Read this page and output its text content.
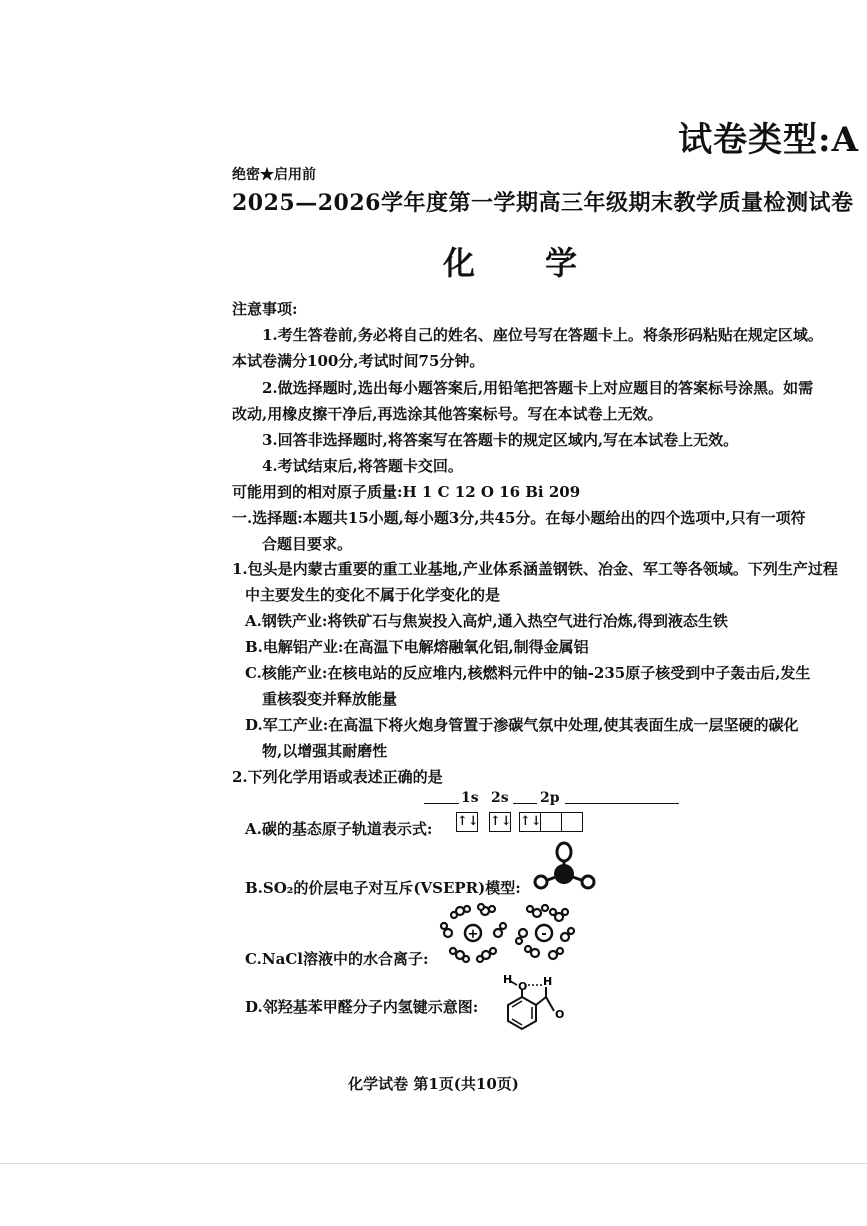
试卷类型:A
绝密★启用前
2025—2026学年度第一学期高三年级期末教学质量检测试卷
化学
注意事项:
1.考生答卷前,务必将自己的姓名、座位号写在答题卡上。将条形码粘贴在规定区域。
本试卷满分100分,考试时间75分钟。
2.做选择题时,选出每小题答案后,用铅笔把答题卡上对应题目的答案标号涂黑。如需
改动,用橡皮擦干净后,再选涂其他答案标号。写在本试卷上无效。
3.回答非选择题时,将答案写在答题卡的规定区域内,写在本试卷上无效。
4.考试结束后,将答题卡交回。
可能用到的相对原子质量:H 1 C 12 O 16 Bi 209
一.选择题:本题共15小题,每小题3分,共45分。在每小题给出的四个选项中,只有一项符
合题目要求。
1.包头是内蒙古重要的重工业基地,产业体系涵盖钢铁、冶金、军工等各领域。下列生产过程
中主要发生的变化不属于化学变化的是
A.钢铁产业:将铁矿石与焦炭投入高炉,通入热空气进行冶炼,得到液态生铁
B.电解铝产业:在高温下电解熔融氧化铝,制得金属铝
C.核能产业:在核电站的反应堆内,核燃料元件中的铀-235原子核受到中子轰击后,发生
重核裂变并释放能量
D.军工产业:在高温下将火炮身管置于渗碳气氛中处理,使其表面生成一层坚硬的碳化
物,以增强其耐磨性
2.下列化学用语或表述正确的是
1s 2s 2p
A.碳的基态原子轨道表示式: ↑↓ ↑↓ ↑↓
B.SO₂的价层电子对互斥(VSEPR)模型:
C.NaCl溶液中的水合离子:
+	-
D.邻羟基苯甲醛分子内氢键示意图:
H
O H
O
化学试卷 第1页(共10页)
